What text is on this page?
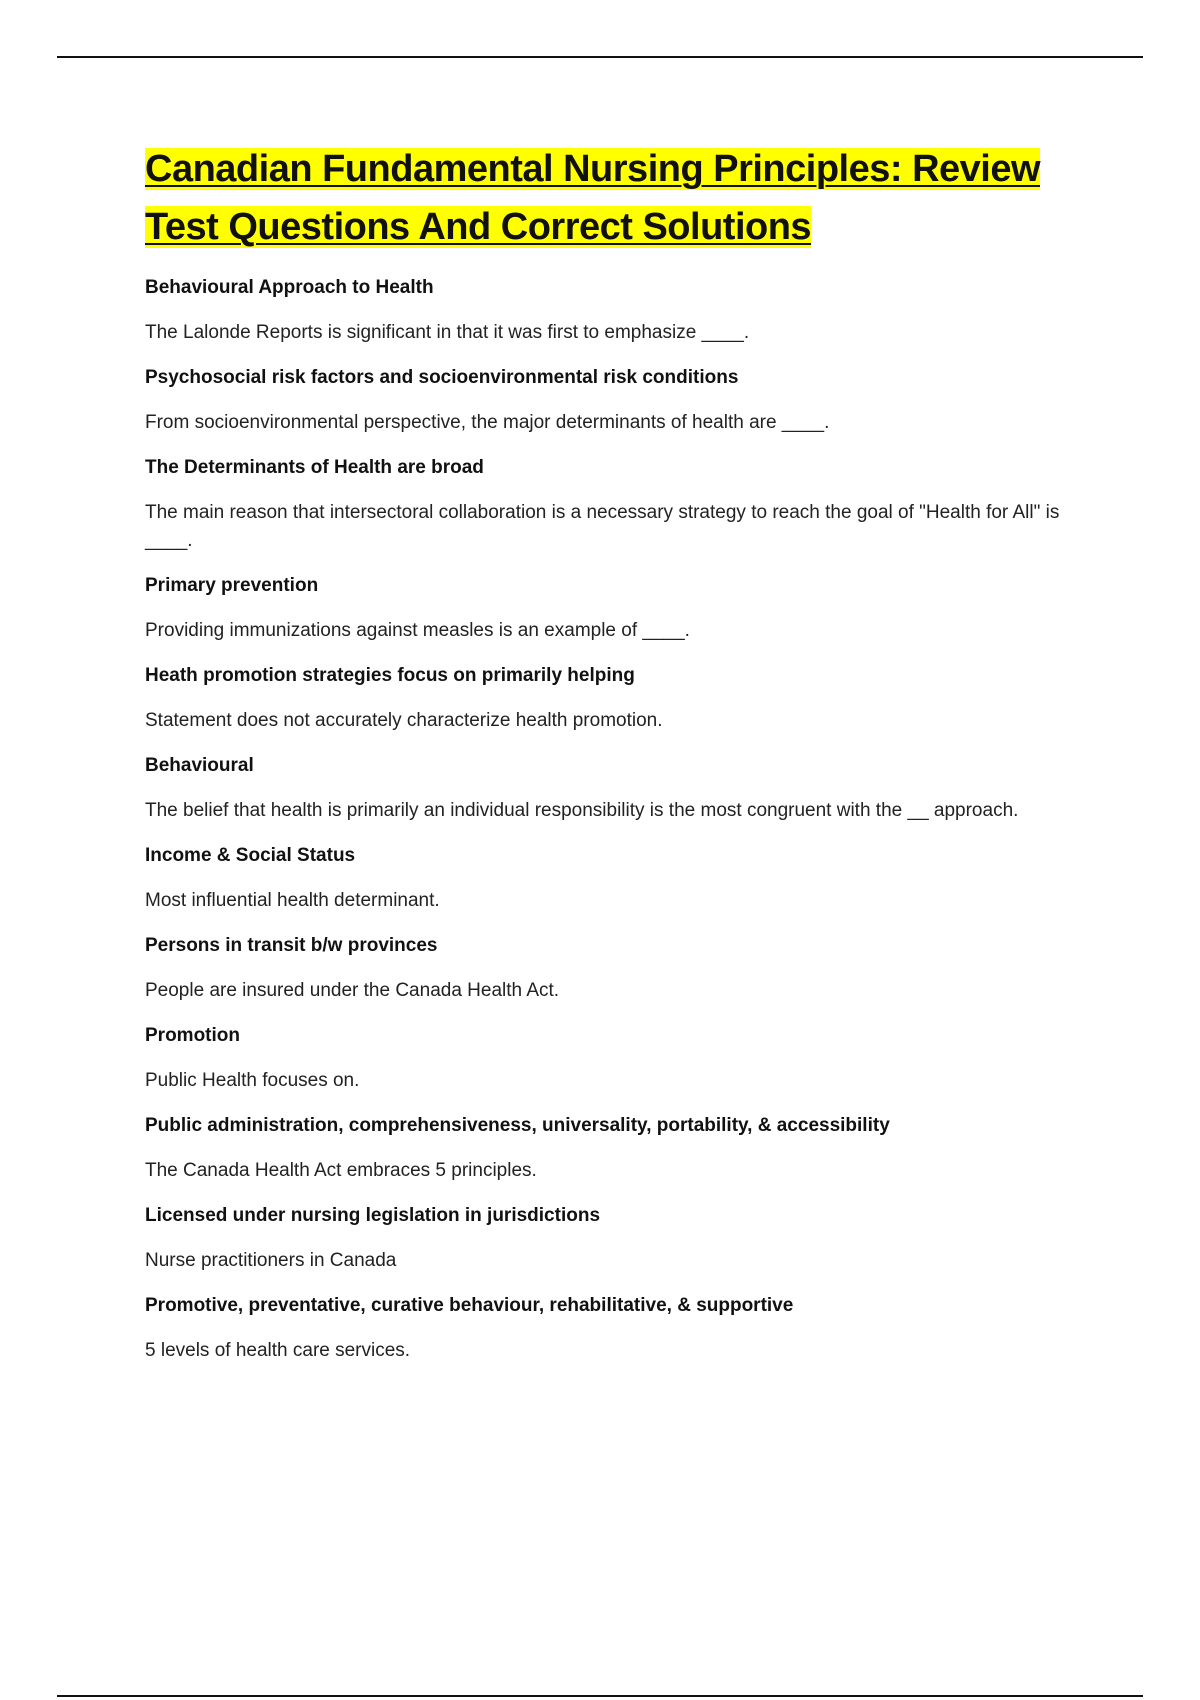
Canadian Fundamental Nursing Principles: Review Test Questions And Correct Solutions

Behavioural Approach to Health

The Lalonde Reports is significant in that it was first to emphasize ____.

Psychosocial risk factors and socioenvironmental risk conditions

From socioenvironmental perspective, the major determinants of health are ____.

The Determinants of Health are broad

The main reason that intersectoral collaboration is a necessary strategy to reach the goal of "Health for All" is ____.

Primary prevention

Providing immunizations against measles is an example of ____.

Heath promotion strategies focus on primarily helping

Statement does not accurately characterize health promotion.

Behavioural

The belief that health is primarily an individual responsibility is the most congruent with the __ approach.

Income & Social Status

Most influential health determinant.

Persons in transit b/w provinces

People are insured under the Canada Health Act.

Promotion

Public Health focuses on.

Public administration, comprehensiveness, universality, portability, & accessibility

The Canada Health Act embraces 5 principles.

Licensed under nursing legislation in jurisdictions

Nurse practitioners in Canada

Promotive, preventative, curative behaviour, rehabilitative, & supportive

5 levels of health care services.
